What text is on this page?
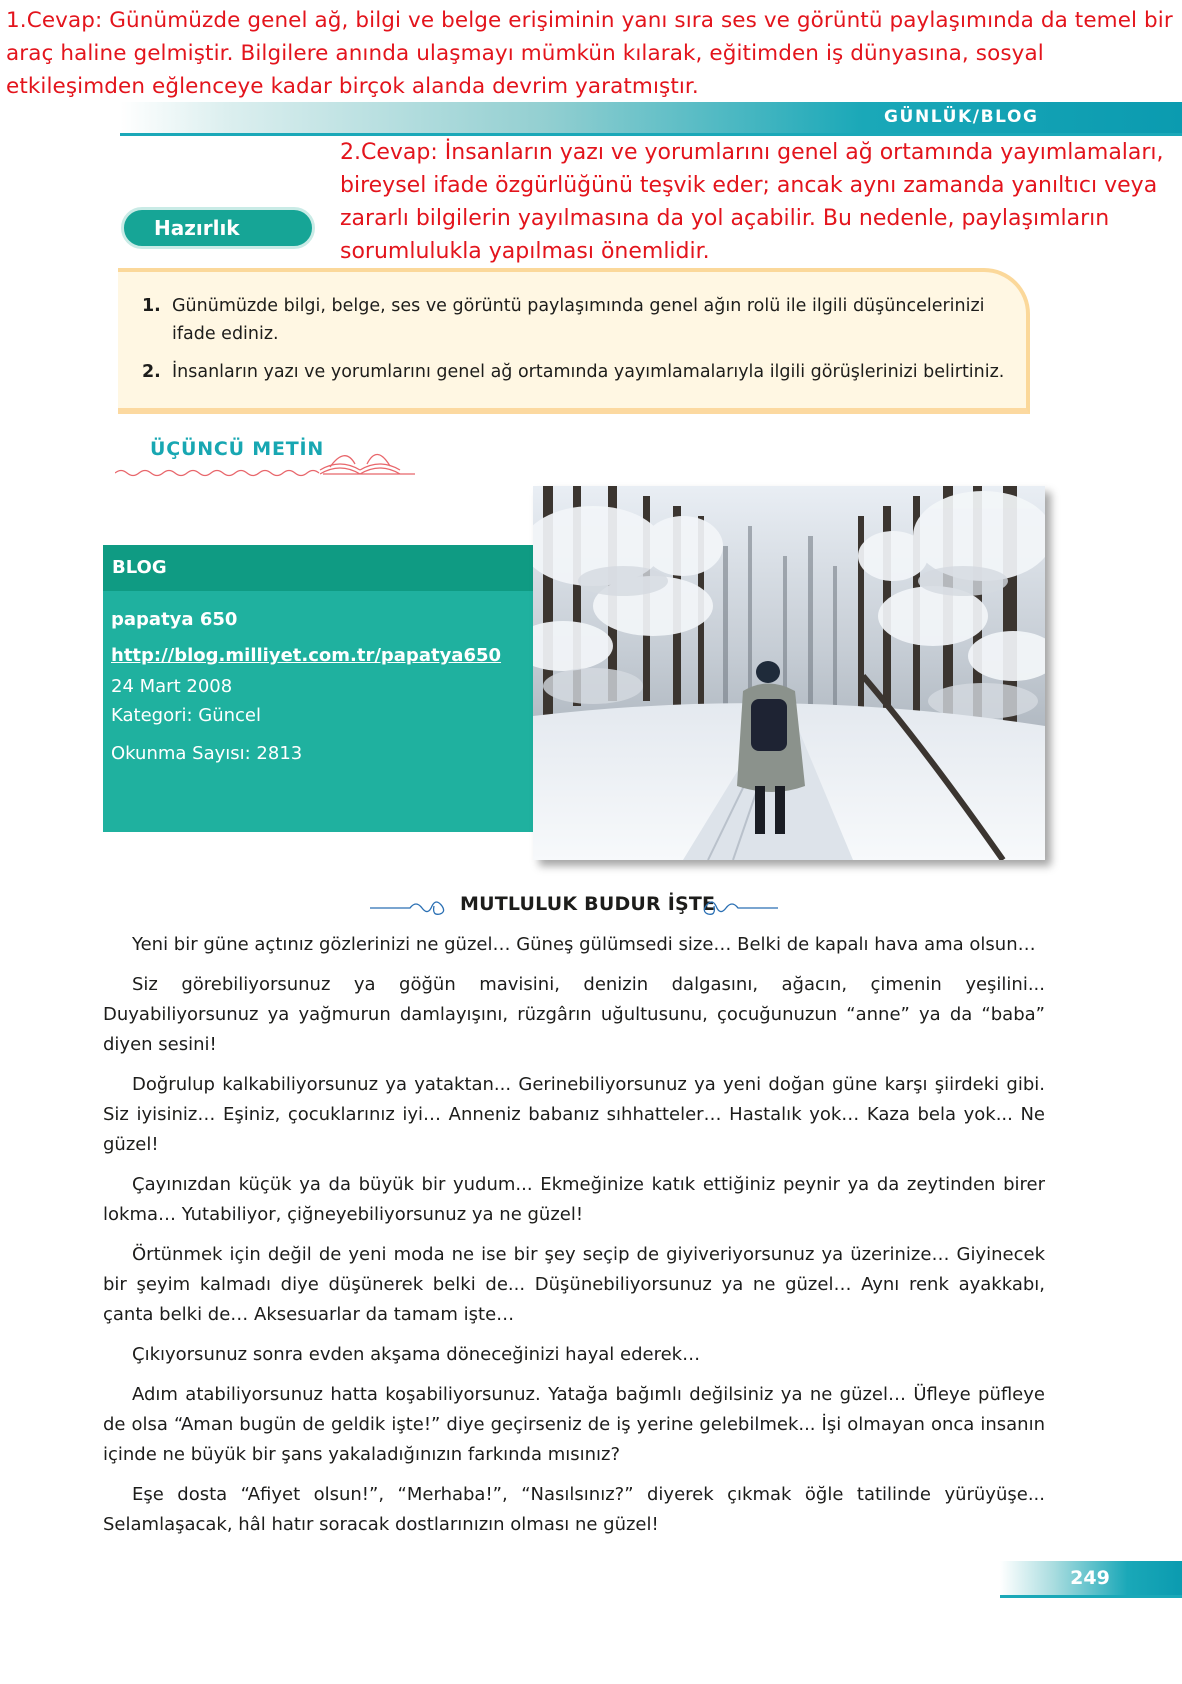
1.Cevap: Günümüzde genel ağ, bilgi ve belge erişiminin yanı sıra ses ve görüntü paylaşımında da temel bir araç haline gelmiştir. Bilgilere anında ulaşmayı mümkün kılarak, eğitimden iş dünyasına, sosyal etkileşimden eğlenceye kadar birçok alanda devrim yaratmıştır.
GÜNLÜK/BLOG
Hazırlık
2.Cevap: İnsanların yazı ve yorumlarını genel ağ ortamında yayımlamaları, bireysel ifade özgürlüğünü teşvik eder; ancak aynı zamanda yanıltıcı veya zararlı bilgilerin yayılmasına da yol açabilir. Bu nedenle, paylaşımların sorumlulukla yapılması önemlidir.
1. Günümüzde bilgi, belge, ses ve görüntü paylaşımında genel ağın rolü ile ilgili düşüncelerinizi ifade ediniz.
2. İnsanların yazı ve yorumlarını genel ağ ortamında yayımlamalarıyla ilgili görüşlerinizi belirtiniz.
ÜÇÜNCÜ METİN
BLOG
papatya 650
http://blog.milliyet.com.tr/papatya650
24 Mart 2008
Kategori: Güncel
Okunma Sayısı: 2813
MUTLULUK BUDUR İŞTE

Yeni bir güne açtınız gözlerinizi ne güzel… Güneş gülümsedi size… Belki de kapalı hava ama olsun…

Siz görebiliyorsunuz ya göğün mavisini, denizin dalgasını, ağacın, çimenin yeşilini... Duyabiliyorsunuz ya yağmurun damlayışını, rüzgârın uğultusunu, çocuğunuzun “anne” ya da “baba” diyen sesini!

Doğrulup kalkabiliyorsunuz ya yataktan... Gerinebiliyorsunuz ya yeni doğan güne karşı şiirdeki gibi. Siz iyisiniz… Eşiniz, çocuklarınız iyi… Anneniz babanız sıhhatteler… Hastalık yok… Kaza bela yok... Ne güzel!

Çayınızdan küçük ya da büyük bir yudum... Ekmeğinize katık ettiğiniz peynir ya da zeytinden birer lokma… Yutabiliyor, çiğneyebiliyorsunuz ya ne güzel!

Örtünmek için değil de yeni moda ne ise bir şey seçip de giyiveriyorsunuz ya üzerinize… Giyinecek bir şeyim kalmadı diye düşünerek belki de... Düşünebiliyorsunuz ya ne güzel… Aynı renk ayakkabı, çanta belki de… Aksesuarlar da tamam işte…

Çıkıyorsunuz sonra evden akşama döneceğinizi hayal ederek…

Adım atabiliyorsunuz hatta koşabiliyorsunuz. Yatağa bağımlı değilsiniz ya ne güzel… Üfleye püfleye de olsa “Aman bugün de geldik işte!” diye geçirseniz de iş yerine gelebilmek... İşi olmayan onca insanın içinde ne büyük bir şans yakaladığınızın farkında mısınız?

Eşe dosta “Afiyet olsun!”, “Merhaba!”, “Nasılsınız?” diyerek çıkmak öğle tatilinde yürüyüşe... Selamlaşacak, hâl hatır soracak dostlarınızın olması ne güzel!

249
